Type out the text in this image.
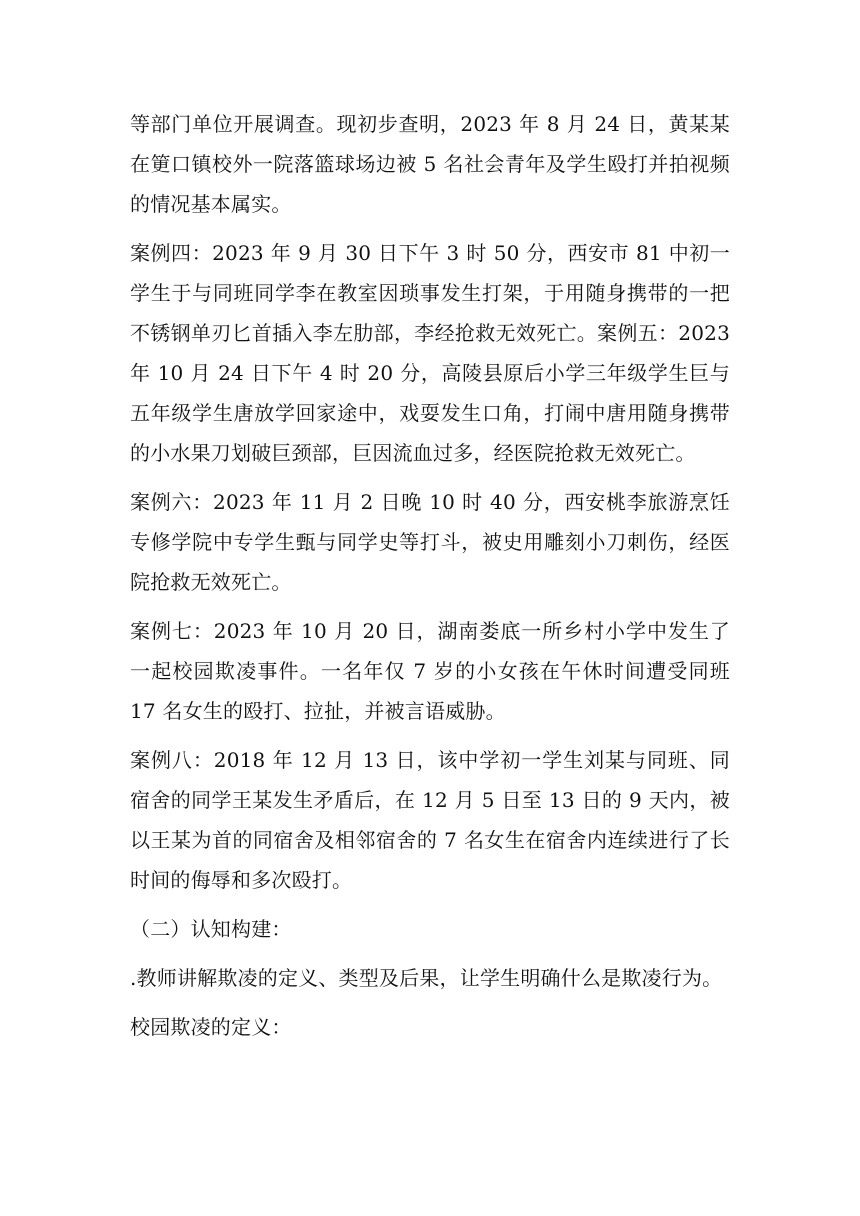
等部门单位开展调查。现初步查明，2023 年 8 月 24 日，黄某某在筻口镇校外一院落篮球场边被 5 名社会青年及学生殴打并拍视频的情况基本属实。

案例四：2023 年 9 月 30 日下午 3 时 50 分，西安市 81 中初一学生于与同班同学李在教室因琐事发生打架，于用随身携带的一把不锈钢单刃匕首插入李左肋部，李经抢救无效死亡。案例五：2023 年 10 月 24 日下午 4 时 20 分，高陵县原后小学三年级学生巨与五年级学生唐放学回家途中，戏耍发生口角，打闹中唐用随身携带的小水果刀划破巨颈部，巨因流血过多，经医院抢救无效死亡。

案例六：2023 年 11 月 2 日晚 10 时 40 分，西安桃李旅游烹饪专修学院中专学生甄与同学史等打斗，被史用雕刻小刀刺伤，经医院抢救无效死亡。

案例七：2023 年 10 月 20 日，湖南娄底一所乡村小学中发生了一起校园欺凌事件。一名年仅 7 岁的小女孩在午休时间遭受同班 17 名女生的殴打、拉扯，并被言语威胁。

案例八：2018 年 12 月 13 日，该中学初一学生刘某与同班、同宿舍的同学王某发生矛盾后，在 12 月 5 日至 13 日的 9 天内，被以王某为首的同宿舍及相邻宿舍的 7 名女生在宿舍内连续进行了长时间的侮辱和多次殴打。

（二）认知构建：

.教师讲解欺凌的定义、类型及后果，让学生明确什么是欺凌行为。

校园欺凌的定义：
